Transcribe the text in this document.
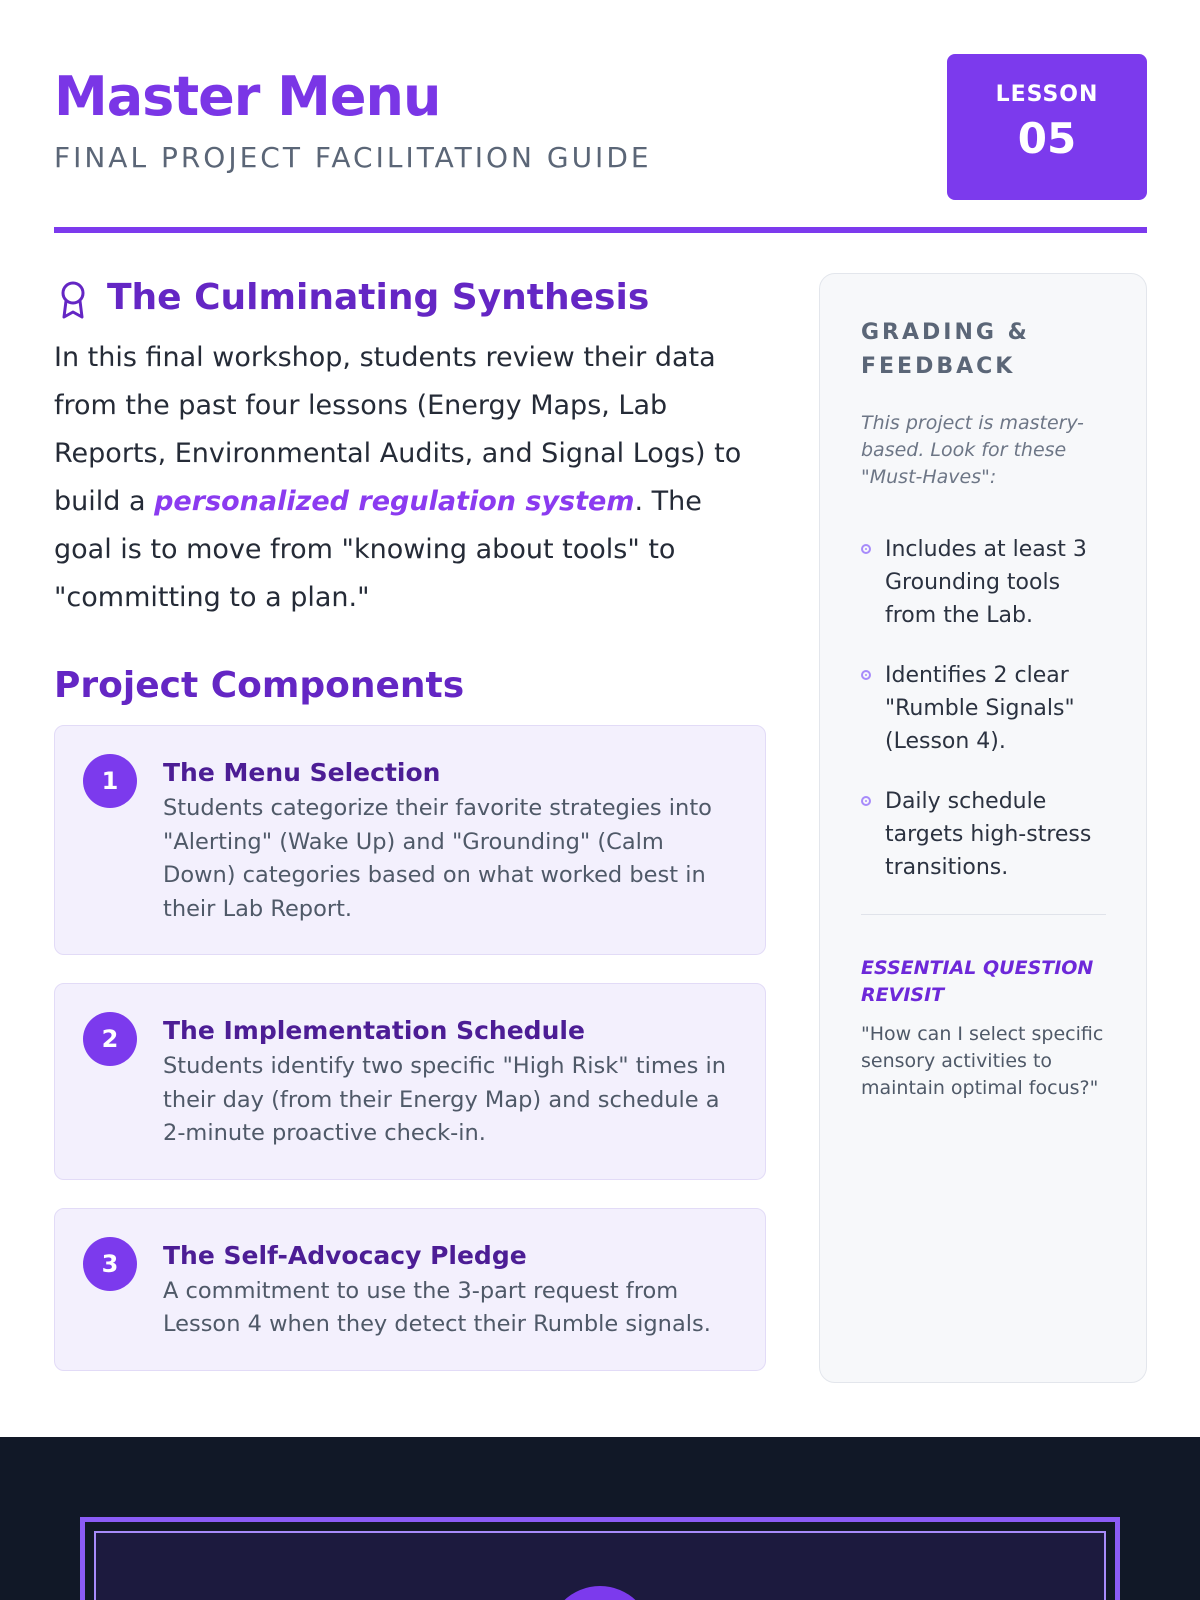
Master Menu

FINAL PROJECT FACILITATION GUIDE

LESSON
05
The Culminating Synthesis

In this final workshop, students review their data from the past four lessons (Energy Maps, Lab Reports, Environmental Audits, and Signal Logs) to build a personalized regulation system. The goal is to move from "knowing about tools" to "committing to a plan."

Project Components
1	The Menu Selection

Students categorize their favorite strategies into "Alerting" (Wake Up) and "Grounding" (Calm Down) categories based on what worked best in their Lab Report.

2	The Implementation Schedule

Students identify two specific "High Risk" times in their day (from their Energy Map) and schedule a 2-minute proactive check-in.

3	The Self-Advocacy Pledge

A commitment to use the 3-part request from Lesson 4 when they detect their Rumble signals.

GRADING & FEEDBACK

This project is mastery-based. Look for these "Must-Haves":

Includes at least 3 Grounding tools from the Lab.
Identifies 2 clear "Rumble Signals" (Lesson 4).
Daily schedule targets high-stress transitions.

ESSENTIAL QUESTION REVISIT

"How can I select specific sensory activities to maintain optimal focus?"
